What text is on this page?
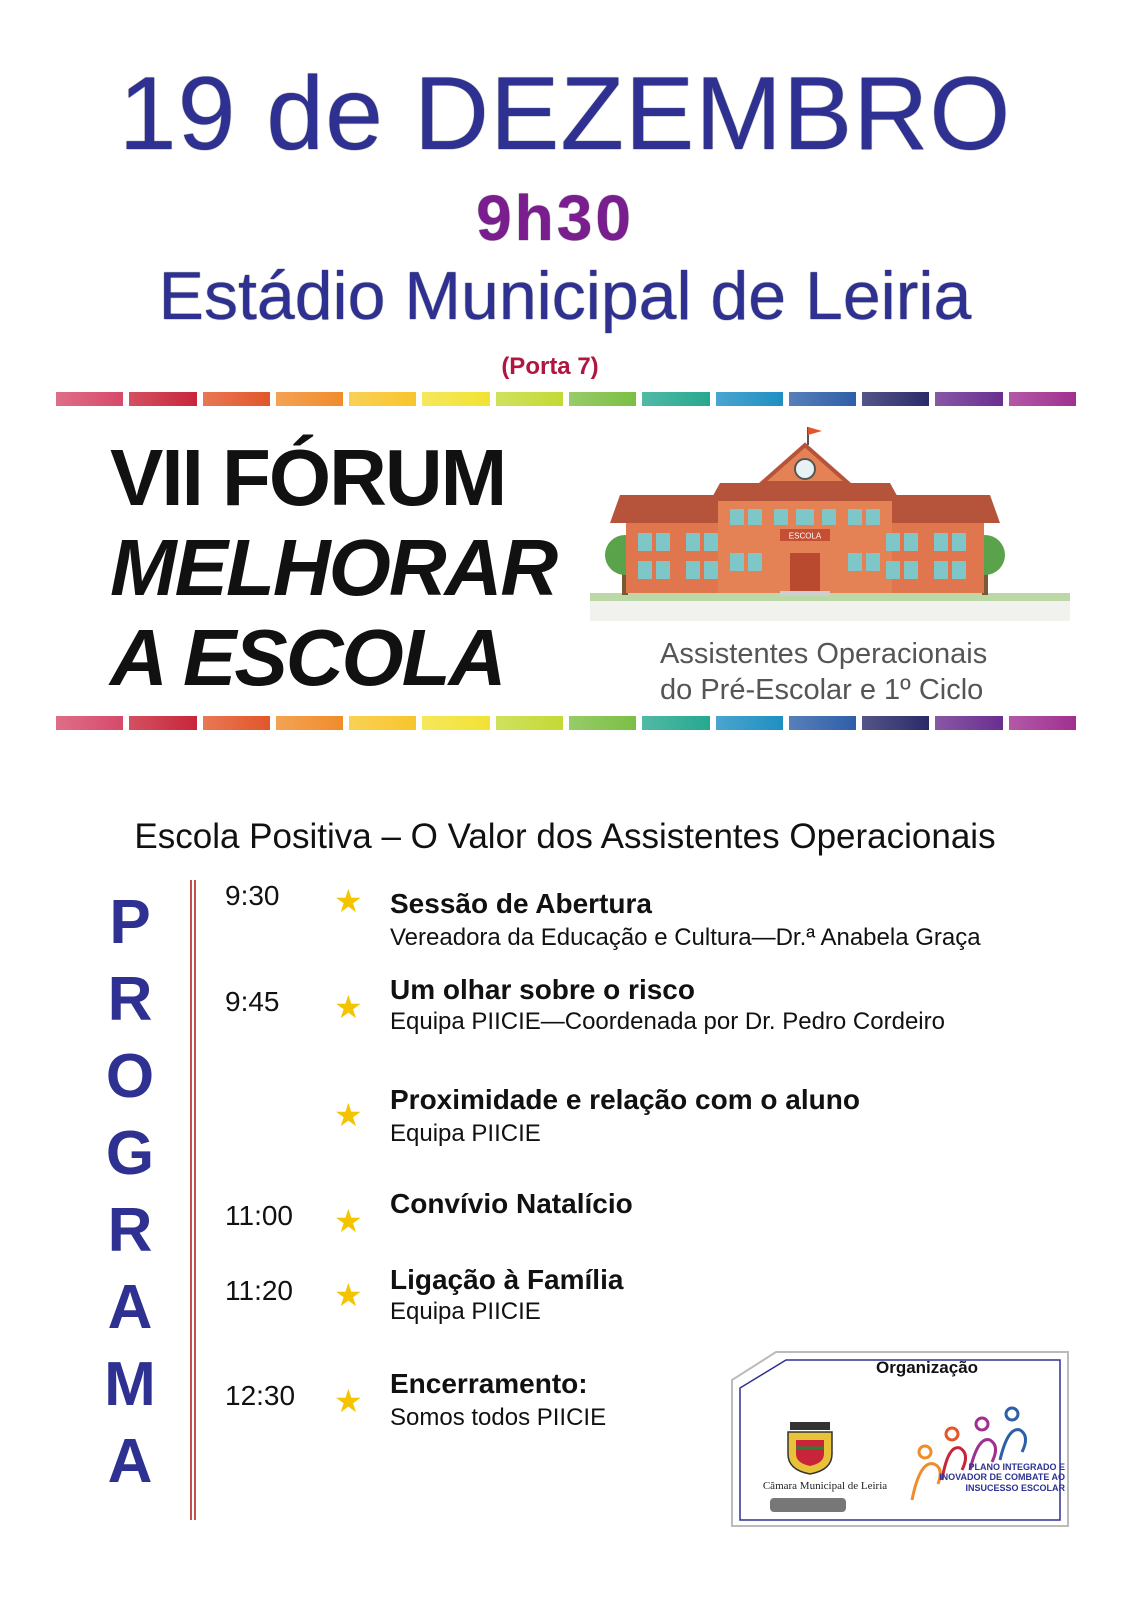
19 de DEZEMBRO
9h30
Estádio Municipal de Leiria
(Porta 7)
VII FÓRUM
MELHORAR
A ESCOLA
ESCOLA
Assistentes Operacionais
do Pré-Escolar e 1º Ciclo
Escola Positiva – O Valor dos Assistentes Operacionais
P
R
O
G
R
A
M
A
9:30 ★ Sessão de Abertura
Vereadora da Educação e Cultura—Dr.ª Anabela Graça
9:45 ★ Um olhar sobre o risco
Equipa PIICIE—Coordenada por Dr. Pedro Cordeiro
★ Proximidade e relação com o aluno
Equipa PIICIE
11:00 ★ Convívio Natalício
11:20 ★ Ligação à Família
Equipa PIICIE
12:30 ★ Encerramento:
Somos todos PIICIE
Organização
Câmara Municipal de Leiria
PLANO INTEGRADO E INOVADOR DE COMBATE AO INSUCESSO ESCOLAR
